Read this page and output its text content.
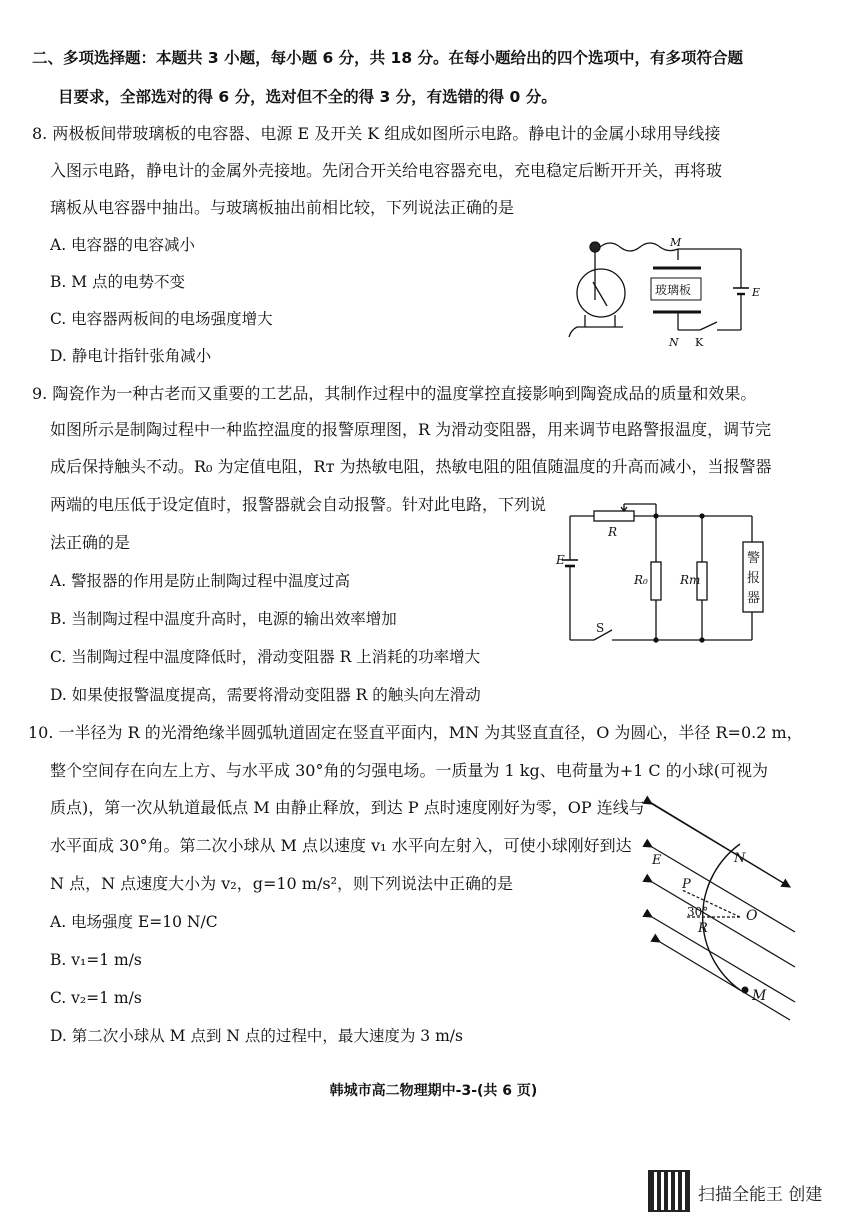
二、多项选择题：本题共 3 小题，每小题 6 分，共 18 分。在每小题给出的四个选项中，有多项符合题
目要求，全部选对的得 6 分，选对但不全的得 3 分，有选错的得 0 分。
8. 两极板间带玻璃板的电容器、电源 E 及开关 K 组成如图所示电路。静电计的金属小球用导线接
入图示电路，静电计的金属外壳接地。先闭合开关给电容器充电，充电稳定后断开开关，再将玻
璃板从电容器中抽出。与玻璃板抽出前相比较，下列说法正确的是
A. 电容器的电容减小
B. M 点的电势不变
C. 电容器两板间的电场强度增大
D. 静电计指针张角减小
M
玻璃板	E
N K
9. 陶瓷作为一种古老而又重要的工艺品，其制作过程中的温度掌控直接影响到陶瓷成品的质量和效果。
如图所示是制陶过程中一种监控温度的报警原理图，R 为滑动变阻器，用来调节电路警报温度，调节完
成后保持触头不动。R₀ 为定值电阻，Rт 为热敏电阻，热敏电阻的阻值随温度的升高而减小，当报警器
两端的电压低于设定值时，报警器就会自动报警。针对此电路，下列说
法正确的是
A. 警报器的作用是防止制陶过程中温度过高
B. 当制陶过程中温度升高时，电源的输出效率增加
C. 当制陶过程中温度降低时，滑动变阻器 R 上消耗的功率增大
D. 如果使报警温度提高，需要将滑动变阻器 R 的触头向左滑动
R
E
R₀	Rт
S
警
报
器
10. 一半径为 R 的光滑绝缘半圆弧轨道固定在竖直平面内，MN 为其竖直直径，O 为圆心，半径 R=0.2 m，
整个空间存在向左上方、与水平成 30°角的匀强电场。一质量为 1 kg、电荷量为+1 C 的小球(可视为
质点)，第一次从轨道最低点 M 由静止释放，到达 P 点时速度刚好为零，OP 连线与
水平面成 30°角。第二次小球从 M 点以速度 v₁ 水平向左射入，可使小球刚好到达
N 点，N 点速度大小为 v₂，g=10 m/s²，则下列说法中正确的是
A. 电场强度 E=10 N/C
B. v₁=1 m/s
C. v₂=1 m/s
D. 第二次小球从 M 点到 N 点的过程中，最大速度为 3 m/s
E	N
P
30°	O
R
M
韩城市高二物理期中-3-(共 6 页)
扫描全能王 创建
